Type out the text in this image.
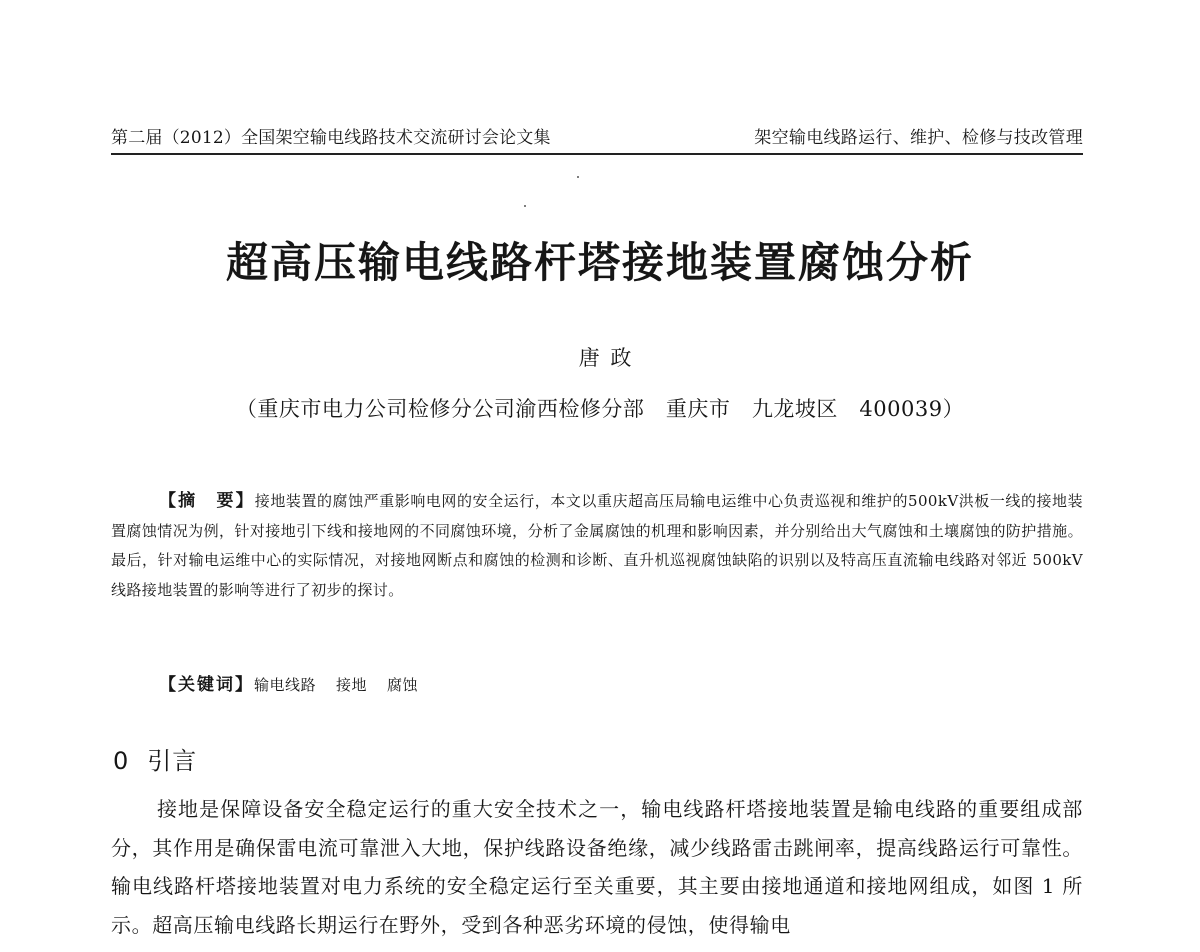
第二届（2012）全国架空输电线路技术交流研讨会论文集	架空输电线路运行、维护、检修与技改管理
超高压输电线路杆塔接地装置腐蚀分析
唐 政
（重庆市电力公司检修分公司渝西检修分部　重庆市　九龙坡区　400039）
【摘　要】接地装置的腐蚀严重影响电网的安全运行，本文以重庆超高压局输电运维中心负责巡视和维护的500kV洪板一线的接地装置腐蚀情况为例，针对接地引下线和接地网的不同腐蚀环境，分析了金属腐蚀的机理和影响因素，并分别给出大气腐蚀和土壤腐蚀的防护措施。最后，针对输电运维中心的实际情况，对接地网断点和腐蚀的检测和诊断、直升机巡视腐蚀缺陷的识别以及特高压直流输电线路对邻近 500kV 线路接地装置的影响等进行了初步的探讨。
【关键词】输电线路 接地 腐蚀
0 引言
接地是保障设备安全稳定运行的重大安全技术之一，输电线路杆塔接地装置是输电线路的重要组成部分，其作用是确保雷电流可靠泄入大地，保护线路设备绝缘，减少线路雷击跳闸率，提高线路运行可靠性。输电线路杆塔接地装置对电力系统的安全稳定运行至关重要，其主要由接地通道和接地网组成，如图 1 所示。超高压输电线路长期运行在野外，受到各种恶劣环境的侵蚀，使得输电
